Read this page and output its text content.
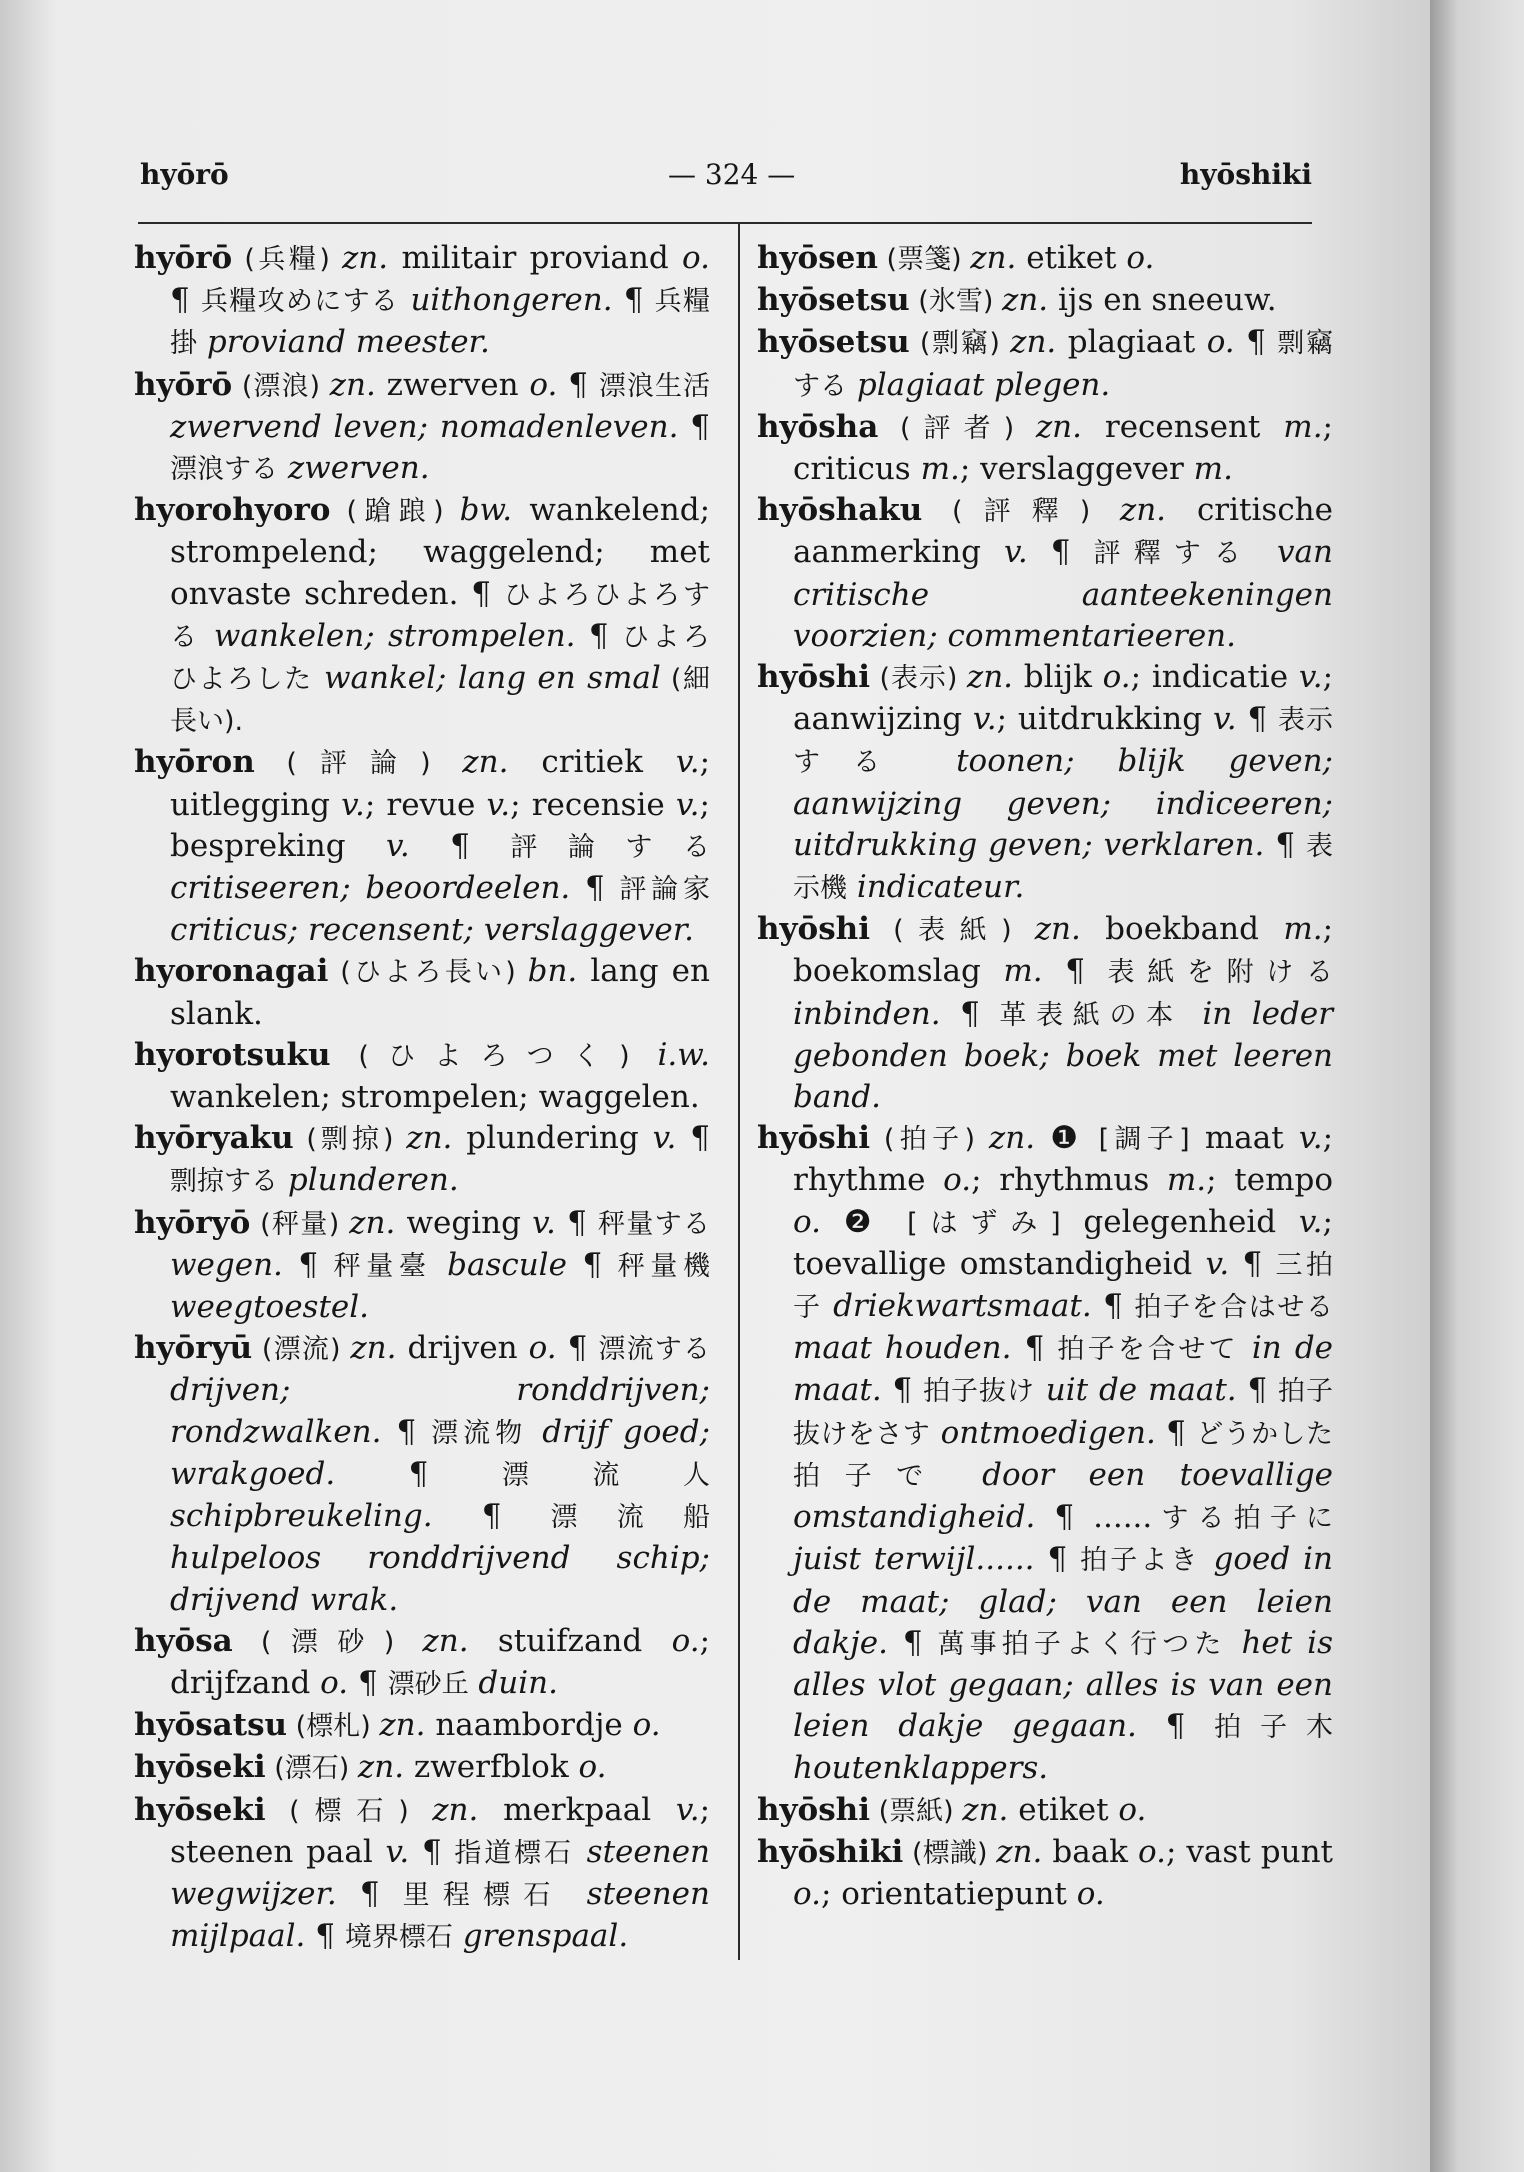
hyōrō	— 324 —	hyōshiki
hyōrō (兵糧) zn. militair proviand o. ¶ 兵糧攻めにする uithongeren. ¶ 兵糧掛 proviand meester.
hyōrō (漂浪) zn. zwerven o. ¶ 漂浪生活 zwervend leven; nomadenleven. ¶ 漂浪する zwerven.
hyorohyoro (蹌踉) bw. wankelend; strompelend; waggelend; met onvaste schreden. ¶ ひよろひよろする wankelen; strompelen. ¶ ひよろひよろした wankel; lang en smal (細長い).
hyōron (評論) zn. critiek v.; uitlegging v.; revue v.; recensie v.; bespreking v. ¶ 評論する critiseeren; beoordeelen. ¶ 評論家 criticus; recensent; verslaggever.
hyoronagai (ひよろ長い) bn. lang en slank.
hyorotsuku (ひよろつく) i.w. wankelen; strompelen; waggelen.
hyōryaku (剽掠) zn. plundering v. ¶ 剽掠する plunderen.
hyōryō (秤量) zn. weging v. ¶ 秤量する wegen. ¶ 秤量臺 bascule ¶ 秤量機 weegtoestel.
hyōryū (漂流) zn. drijven o. ¶ 漂流する drijven; ronddrijven; rondzwalken. ¶ 漂流物 drijf goed; wrakgoed. ¶ 漂流人 schipbreukeling. ¶ 漂流船 hulpeloos ronddrijvend schip; drijvend wrak.
hyōsa (漂砂) zn. stuifzand o.; drijfzand o. ¶ 漂砂丘 duin.
hyōsatsu (標札) zn. naambordje o.
hyōseki (漂石) zn. zwerfblok o.
hyōseki (標石) zn. merkpaal v.; steenen paal v. ¶ 指道標石 steenen wegwijzer. ¶ 里程標石 steenen mijlpaal. ¶ 境界標石 grenspaal.
hyōsen (票箋) zn. etiket o.
hyōsetsu (氷雪) zn. ijs en sneeuw.
hyōsetsu (剽竊) zn. plagiaat o. ¶ 剽竊する plagiaat plegen.
hyōsha (評者) zn. recensent m.; criticus m.; verslaggever m.
hyōshaku (評釋) zn. critische aanmerking v. ¶ 評釋する van critische aanteekeningen voorzien; commentarieeren.
hyōshi (表示) zn. blijk o.; indicatie v.; aanwijzing v.; uitdrukking v. ¶ 表示する toonen; blijk geven; aanwijzing geven; indiceeren; uitdrukking geven; verklaren. ¶ 表示機 indicateur.
hyōshi (表紙) zn. boekband m.; boekomslag m. ¶ 表紙を附ける inbinden. ¶ 革表紙の本 in leder gebonden boek; boek met leeren band.
hyōshi (拍子) zn. ❶ [調子] maat v.; rhythme o.; rhythmus m.; tempo o. ❷ [はずみ] gelegenheid v.; toevallige omstandigheid v. ¶ 三拍子 driekwartsmaat. ¶ 拍子を合はせる maat houden. ¶ 拍子を合せて in de maat. ¶ 拍子抜け uit de maat. ¶ 拍子抜けをさす ontmoedigen. ¶ どうかした拍子で door een toevallige omstandigheid. ¶ ......する拍子に juist terwijl...... ¶ 拍子よき goed in de maat; glad; van een leien dakje. ¶ 萬事拍子よく行つた het is alles vlot gegaan; alles is van een leien dakje gegaan. ¶ 拍子木 houtenklappers.
hyōshi (票紙) zn. etiket o.
hyōshiki (標識) zn. baak o.; vast punt o.; orientatiepunt o.
